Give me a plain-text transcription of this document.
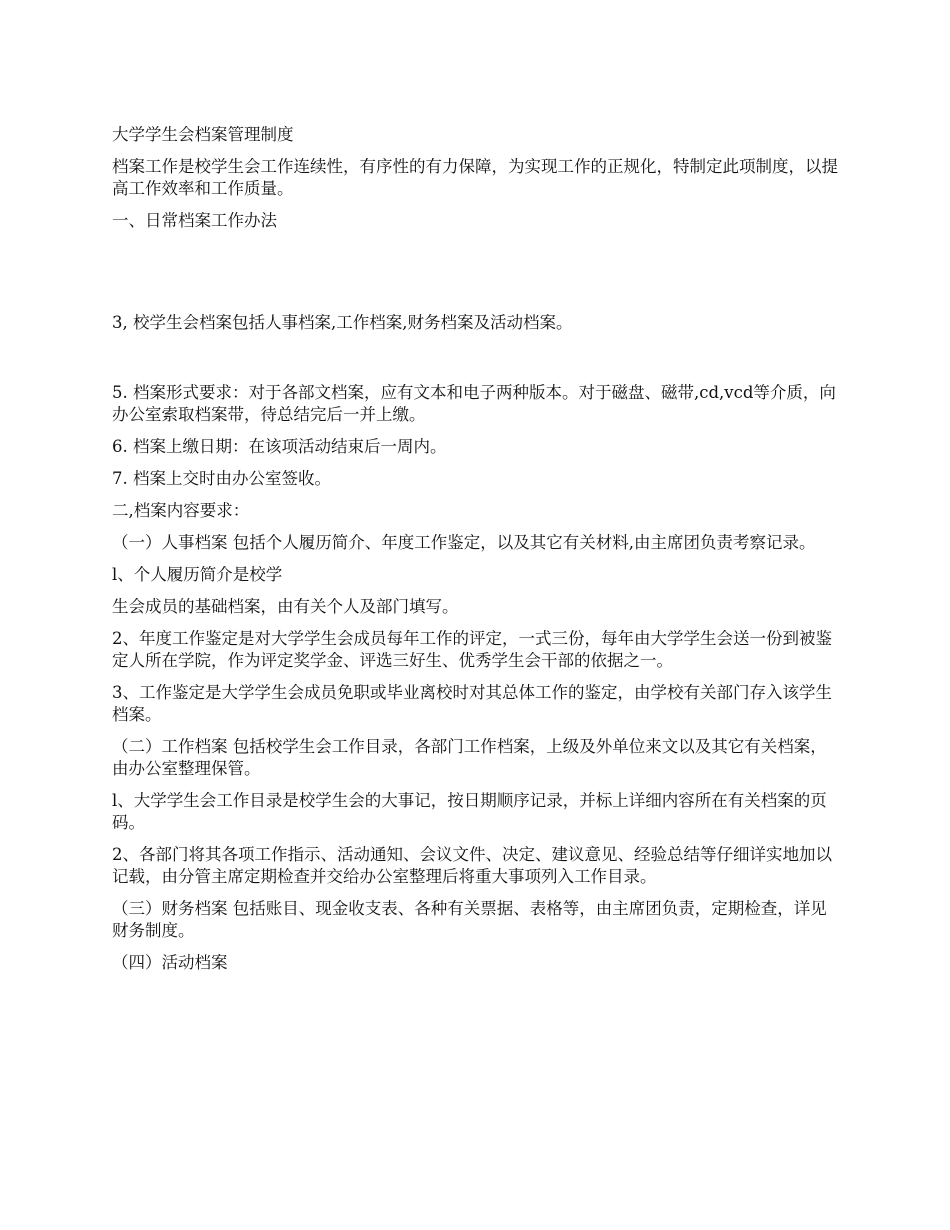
大学学生会档案管理制度

档案工作是校学生会工作连续性，有序性的有力保障，为实现工作的正规化，特制定此项制度，以提高工作效率和工作质量。

一、日常档案工作办法

3, 校学生会档案包括人事档案,工作档案,财务档案及活动档案。

5. 档案形式要求：对于各部文档案，应有文本和电子两种版本。对于磁盘、磁带,cd,vcd等介质，向办公室索取档案带，待总结完后一并上缴。

6. 档案上缴日期：在该项活动结束后一周内。

7. 档案上交时由办公室签收。

二,档案内容要求：

（一）人事档案 包括个人履历简介、年度工作鉴定，以及其它有关材料,由主席团负责考察记录。

l、个人履历简介是校学

生会成员的基础档案，由有关个人及部门填写。

2、年度工作鉴定是对大学学生会成员每年工作的评定，一式三份，每年由大学学生会送一份到被鉴定人所在学院，作为评定奖学金、评选三好生、优秀学生会干部的依据之一。

3、工作鉴定是大学学生会成员免职或毕业离校时对其总体工作的鉴定，由学校有关部门存入该学生档案。

（二）工作档案 包括校学生会工作目录，各部门工作档案，上级及外单位来文以及其它有关档案，由办公室整理保管。

l、大学学生会工作目录是校学生会的大事记，按日期顺序记录，并标上详细内容所在有关档案的页码。

2、各部门将其各项工作指示、活动通知、会议文件、决定、建议意见、经验总结等仔细详实地加以记载，由分管主席定期检查并交给办公室整理后将重大事项列入工作目录。

（三）财务档案 包括账目、现金收支表、各种有关票据、表格等，由主席团负责，定期检查，详见财务制度。

（四）活动档案
